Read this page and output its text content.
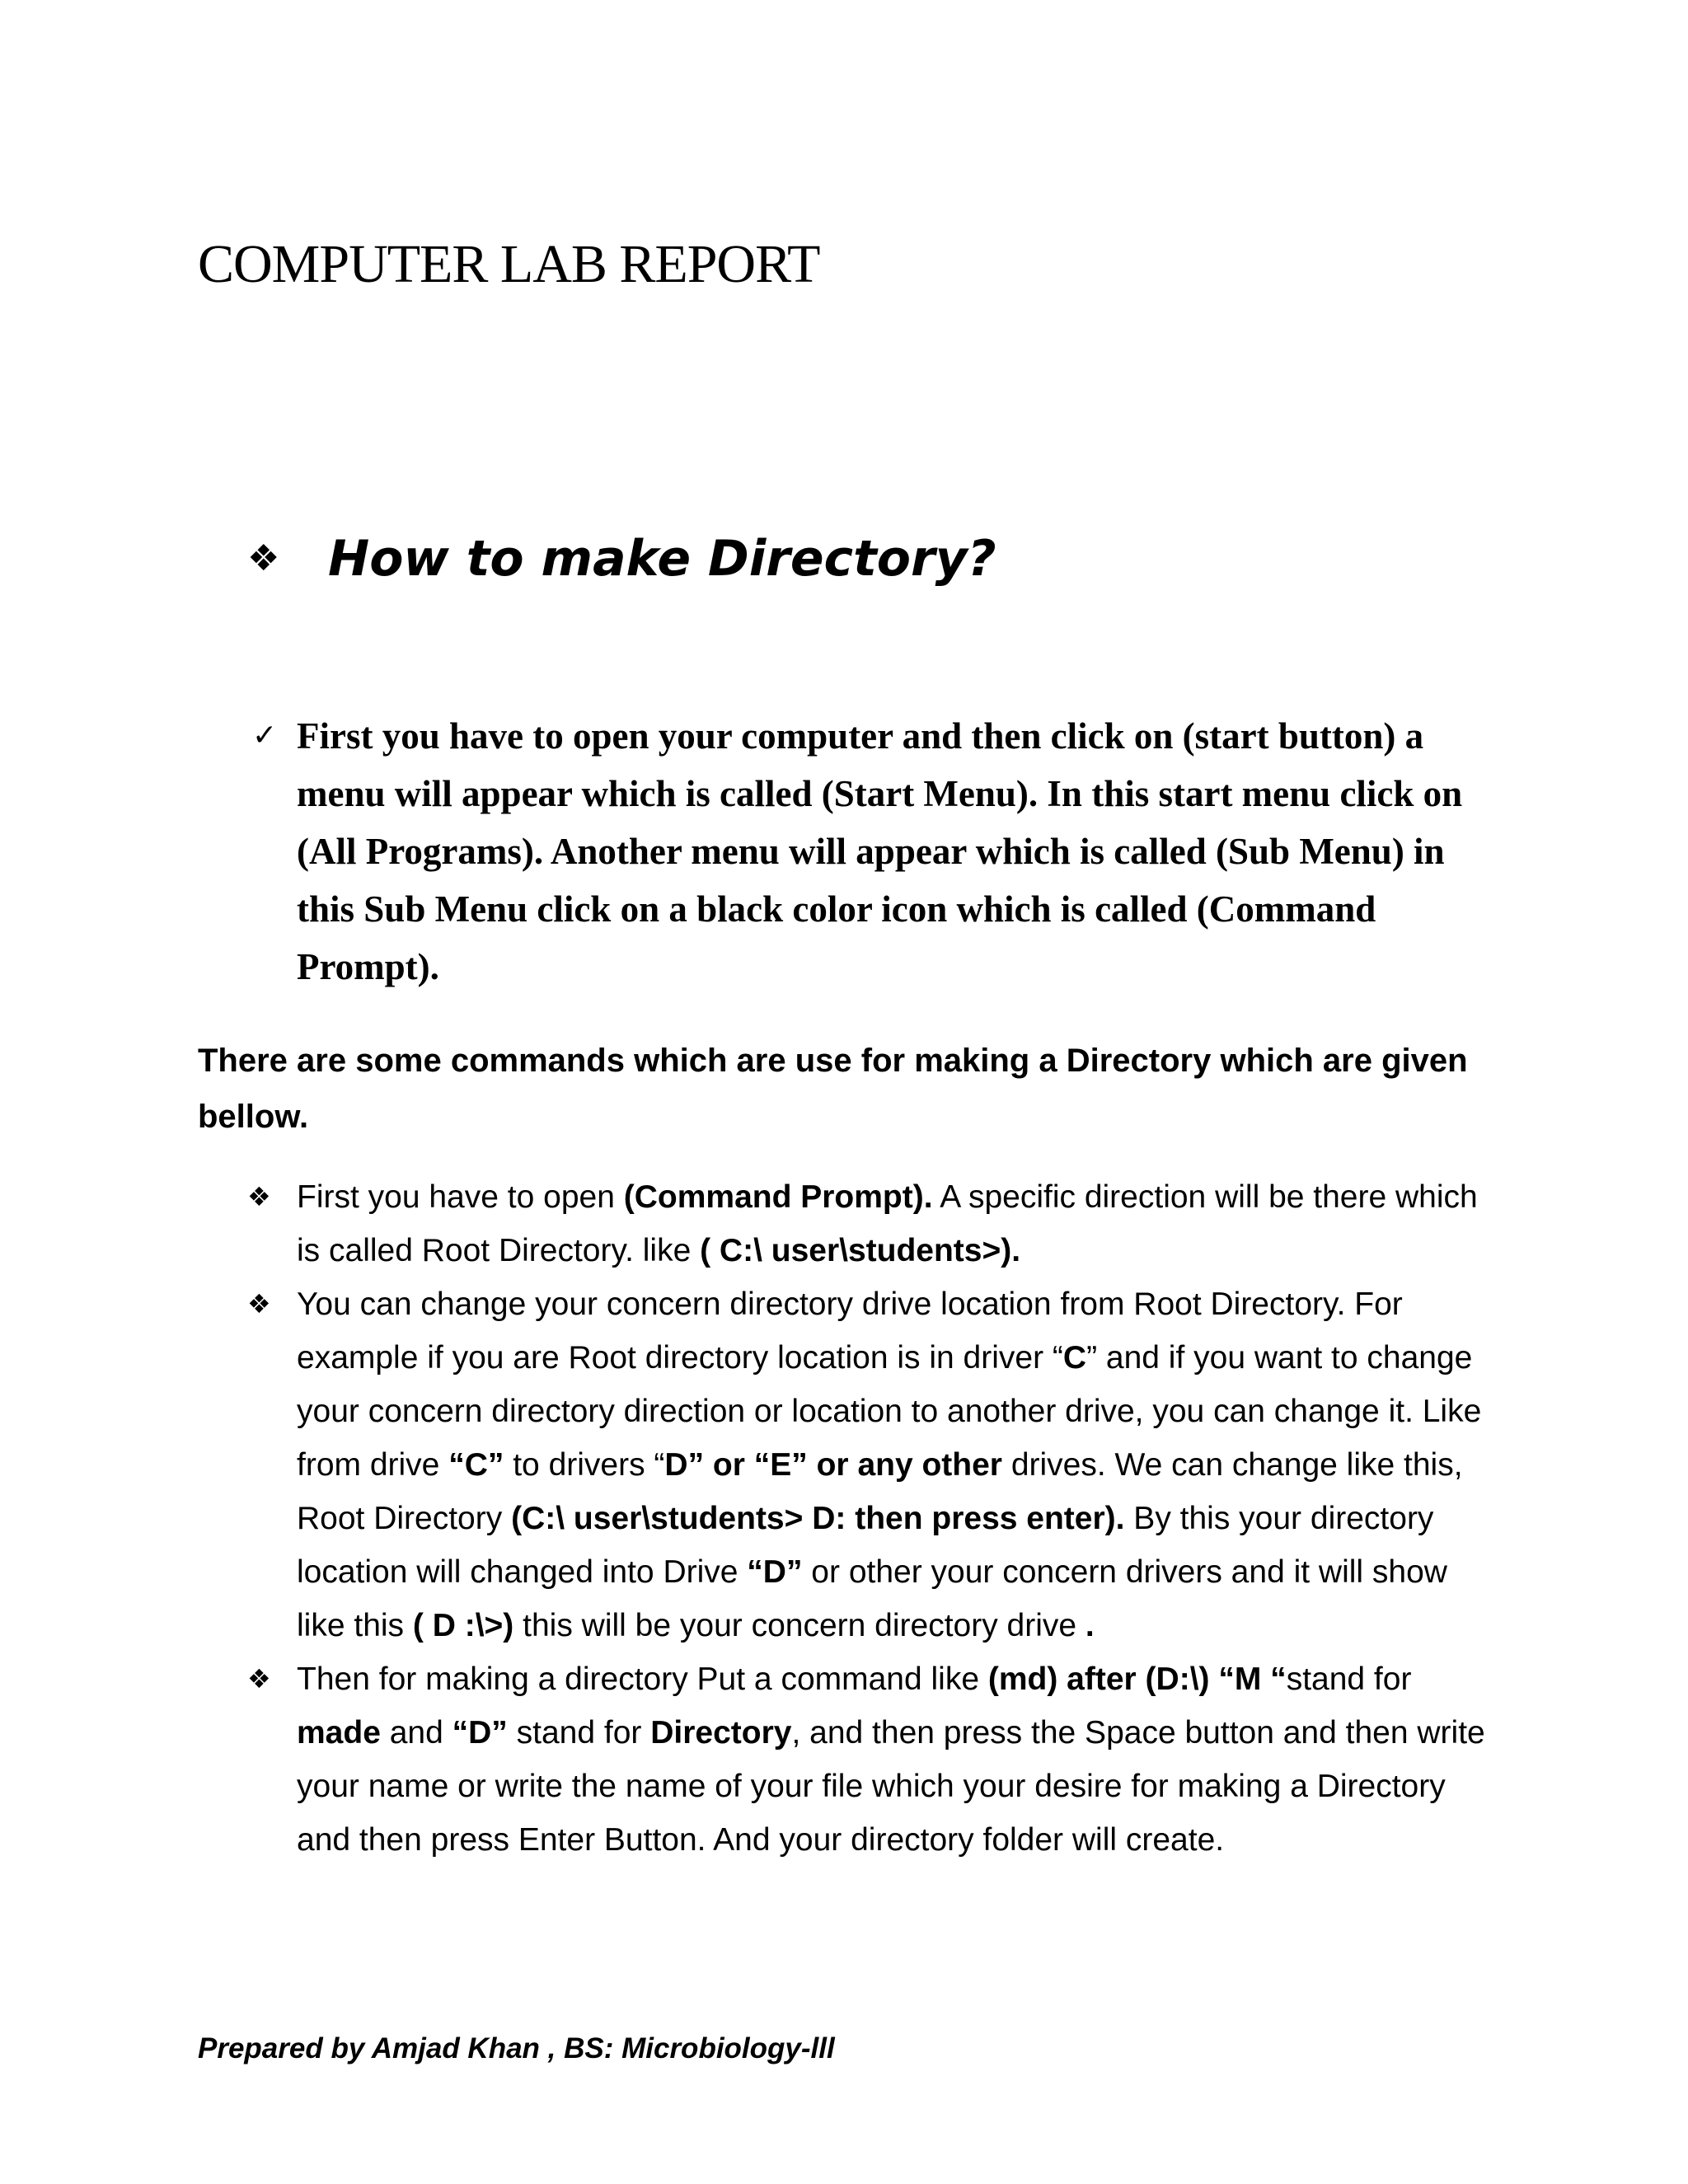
COMPUTER LAB REPORT
❖ How to make Directory?
✓ First you have to open your computer and then click on (start button) a menu will appear which is called (Start Menu). In this start menu click on (All Programs). Another menu will appear which is called (Sub Menu) in this Sub Menu click on a black color icon which is called (Command Prompt).
There are some commands which are use for making a Directory which are given bellow.
❖ First you have to open (Command Prompt). A specific direction will be there which is called Root Directory. like ( C:\ user\students>).
❖ You can change your concern directory drive location from Root Directory. For example if you are Root directory location is in driver “C” and if you want to change your concern directory direction or location to another drive, you can change it. Like from drive “C” to drivers “D” or “E” or any other drives. We can change like this, Root Directory (C:\ user\students> D: then press enter). By this your directory location will changed into Drive “D” or other your concern drivers and it will show like this ( D :\>) this will be your concern directory drive .
❖ Then for making a directory Put a command like (md) after (D:\) “M “stand for made and “D” stand for Directory, and then press the Space button and then write your name or write the name of your file which your desire for making a Directory and then press Enter Button. And your directory folder will create.
Prepared by Amjad Khan , BS: Microbiology-lll
